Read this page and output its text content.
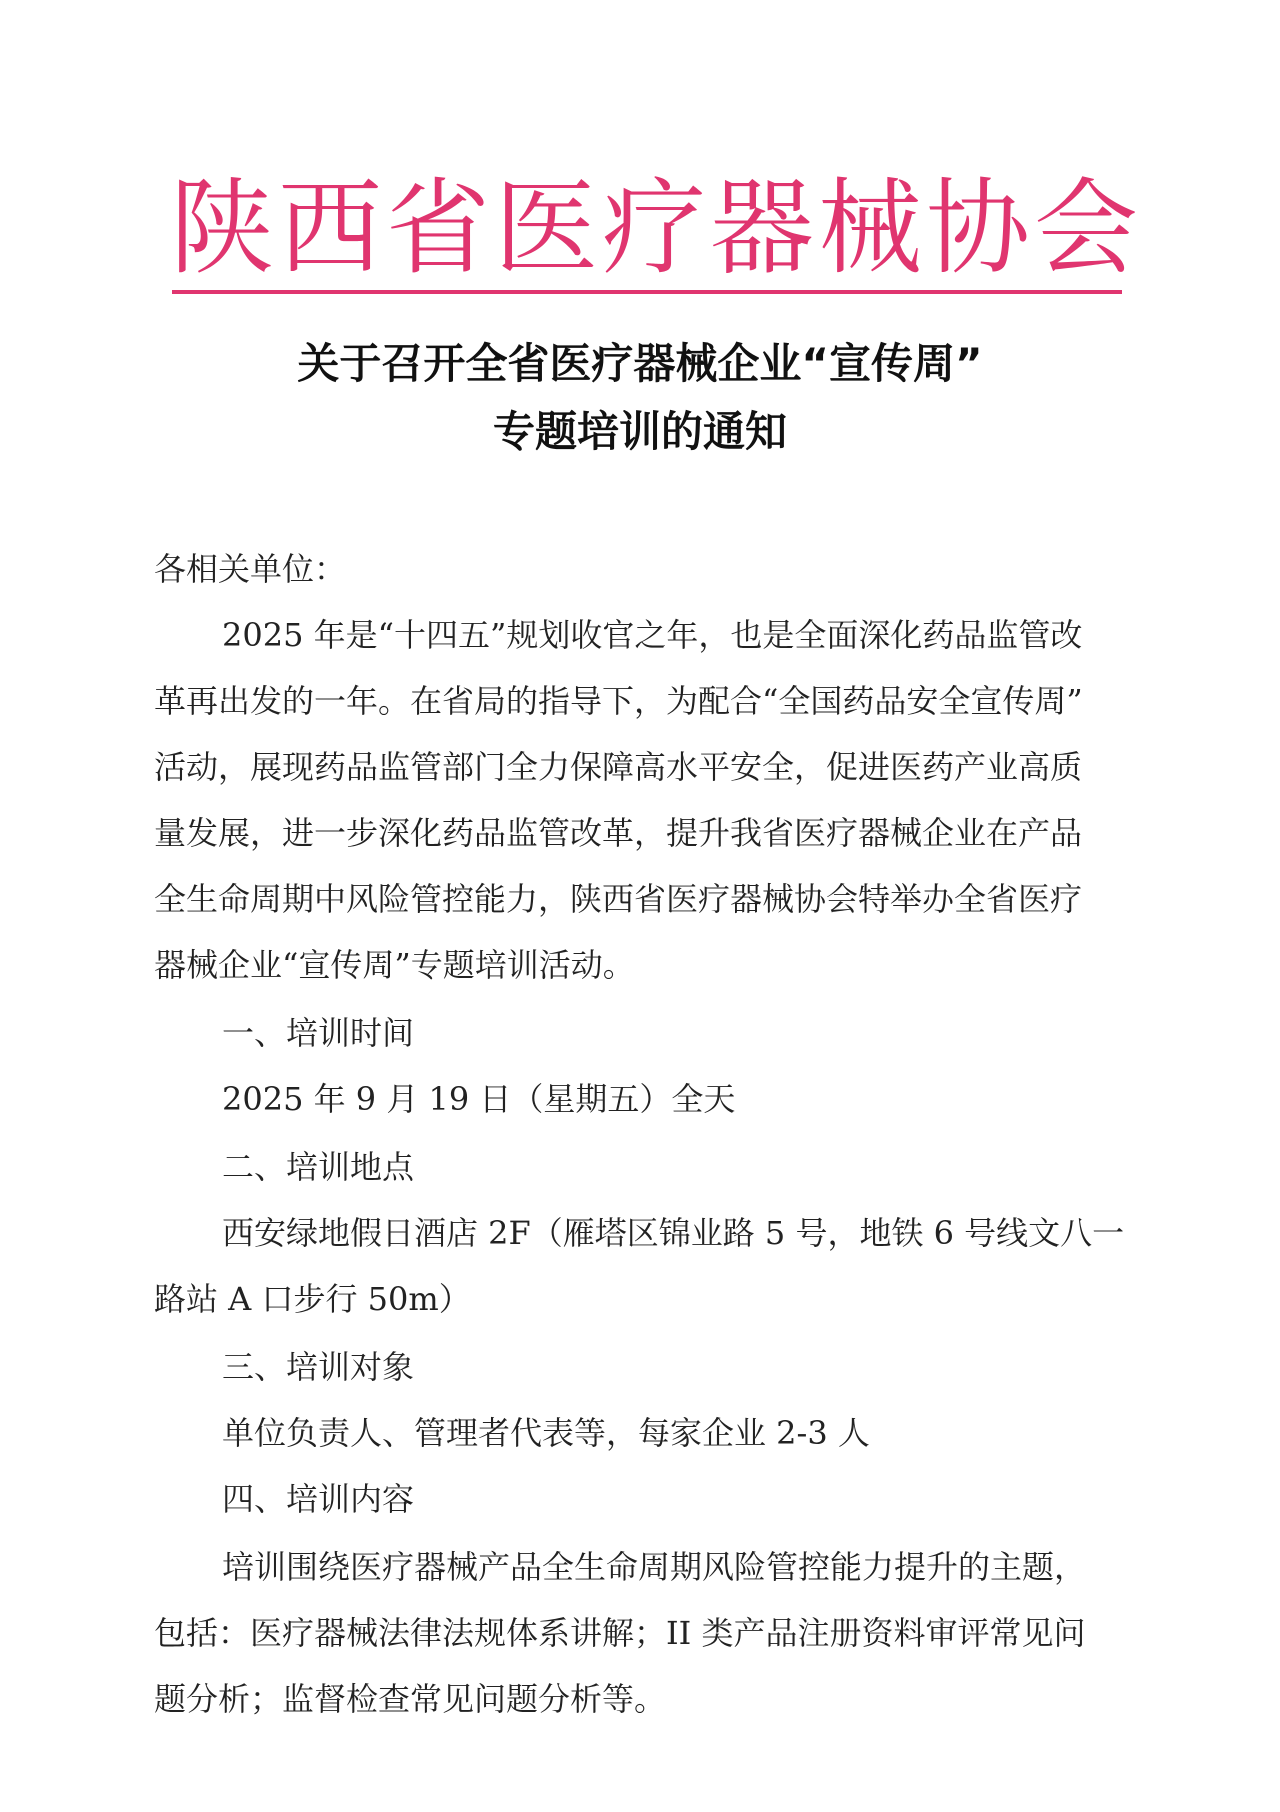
陕西省医疗器械协会
关于召开全省医疗器械企业“宣传周”
专题培训的通知
各相关单位：
2025 年是“十四五”规划收官之年，也是全面深化药品监管改
革再出发的一年。在省局的指导下，为配合“全国药品安全宣传周”
活动，展现药品监管部门全力保障高水平安全，促进医药产业高质
量发展，进一步深化药品监管改革，提升我省医疗器械企业在产品
全生命周期中风险管控能力，陕西省医疗器械协会特举办全省医疗
器械企业“宣传周”专题培训活动。
一、培训时间
2025 年 9 月 19 日（星期五）全天
二、培训地点
西安绿地假日酒店 2F（雁塔区锦业路 5 号，地铁 6 号线文八一
路站 A 口步行 50m）
三、培训对象
单位负责人、管理者代表等，每家企业 2-3 人
四、培训内容
培训围绕医疗器械产品全生命周期风险管控能力提升的主题，
包括：医疗器械法律法规体系讲解；II 类产品注册资料审评常见问
题分析；监督检查常见问题分析等。
